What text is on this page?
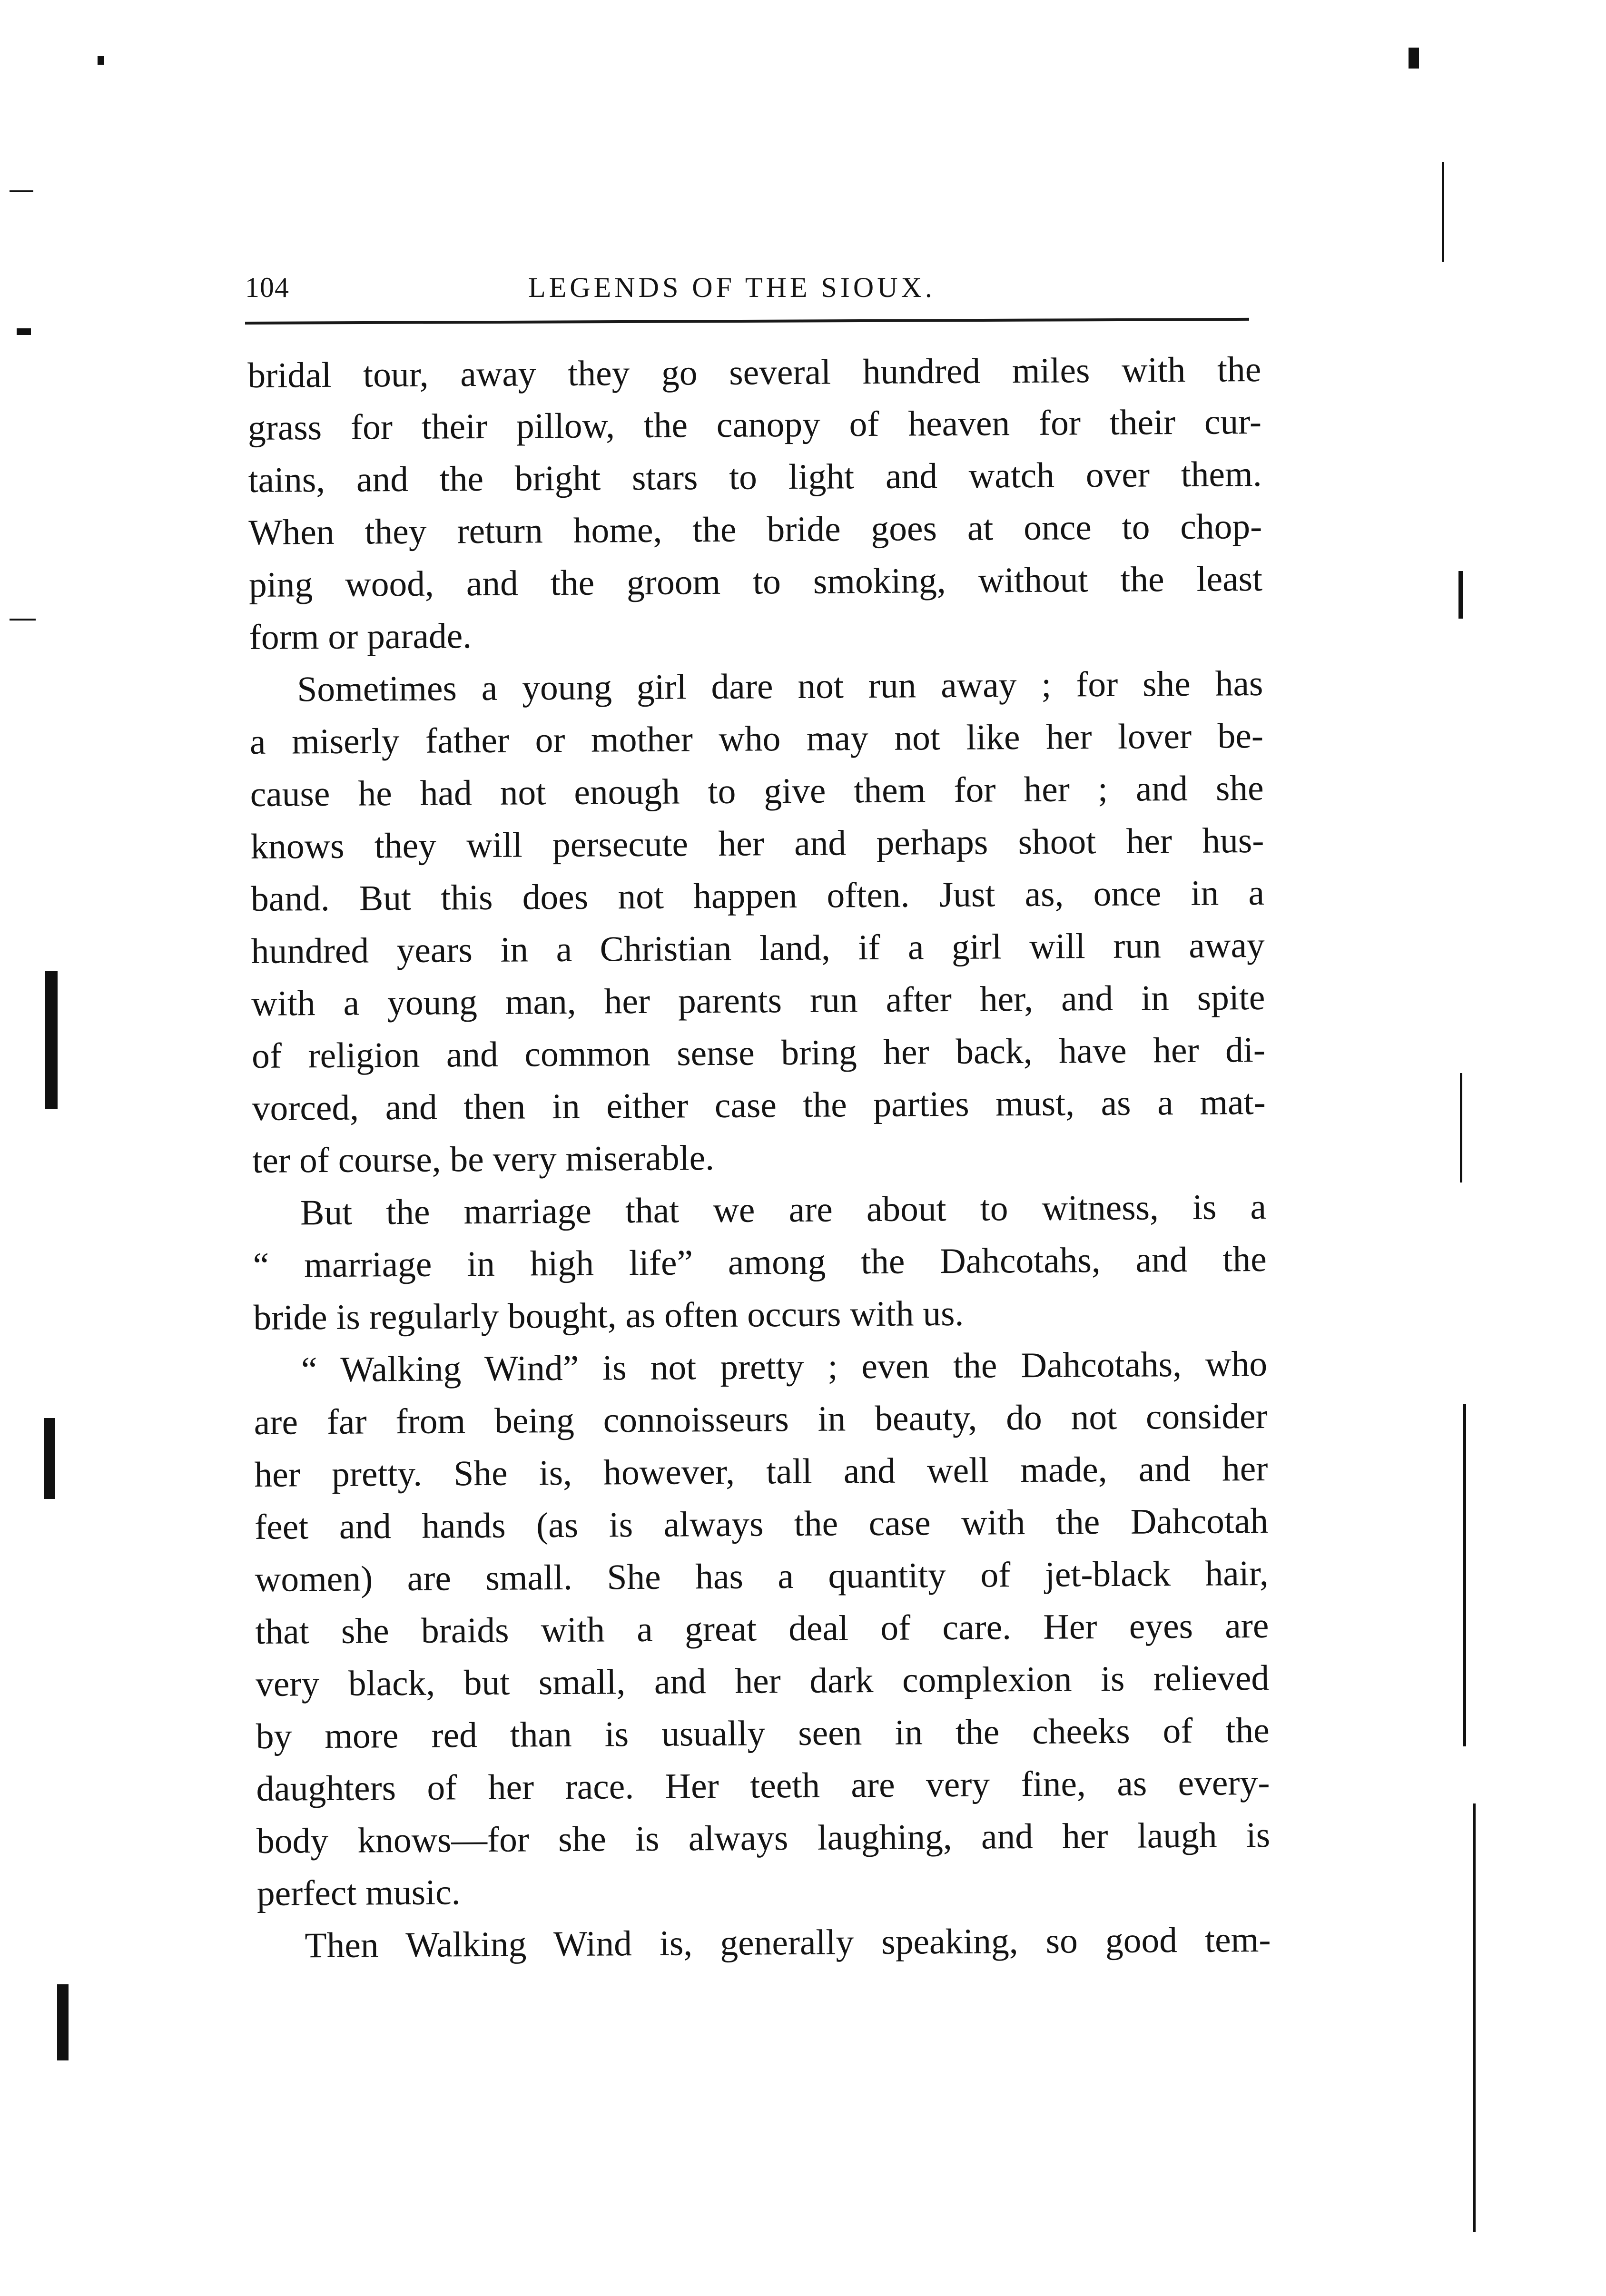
104	LEGENDS OF THE SIOUX.
bridal tour, away they go several hundred miles with the
grass for their pillow, the canopy of heaven for their cur-
tains, and the bright stars to light and watch over them.
When they return home, the bride goes at once to chop-
ping wood, and the groom to smoking, without the least
form or parade.
Sometimes a young girl dare not run away ; for she has
a miserly father or mother who may not like her lover be-
cause he had not enough to give them for her ; and she
knows they will persecute her and perhaps shoot her hus-
band. But this does not happen often. Just as, once in a
hundred years in a Christian land, if a girl will run away
with a young man, her parents run after her, and in spite
of religion and common sense bring her back, have her di-
vorced, and then in either case the parties must, as a mat-
ter of course, be very miserable.
But the marriage that we are about to witness, is a
“ marriage in high life” among the Dahcotahs, and the
bride is regularly bought, as often occurs with us.
“ Walking Wind” is not pretty ; even the Dahcotahs, who
are far from being connoisseurs in beauty, do not consider
her pretty. She is, however, tall and well made, and her
feet and hands (as is always the case with the Dahcotah
women) are small. She has a quantity of jet-black hair,
that she braids with a great deal of care. Her eyes are
very black, but small, and her dark complexion is relieved
by more red than is usually seen in the cheeks of the
daughters of her race. Her teeth are very fine, as every-
body knows—for she is always laughing, and her laugh is
perfect music.
Then Walking Wind is, generally speaking, so good tem-
